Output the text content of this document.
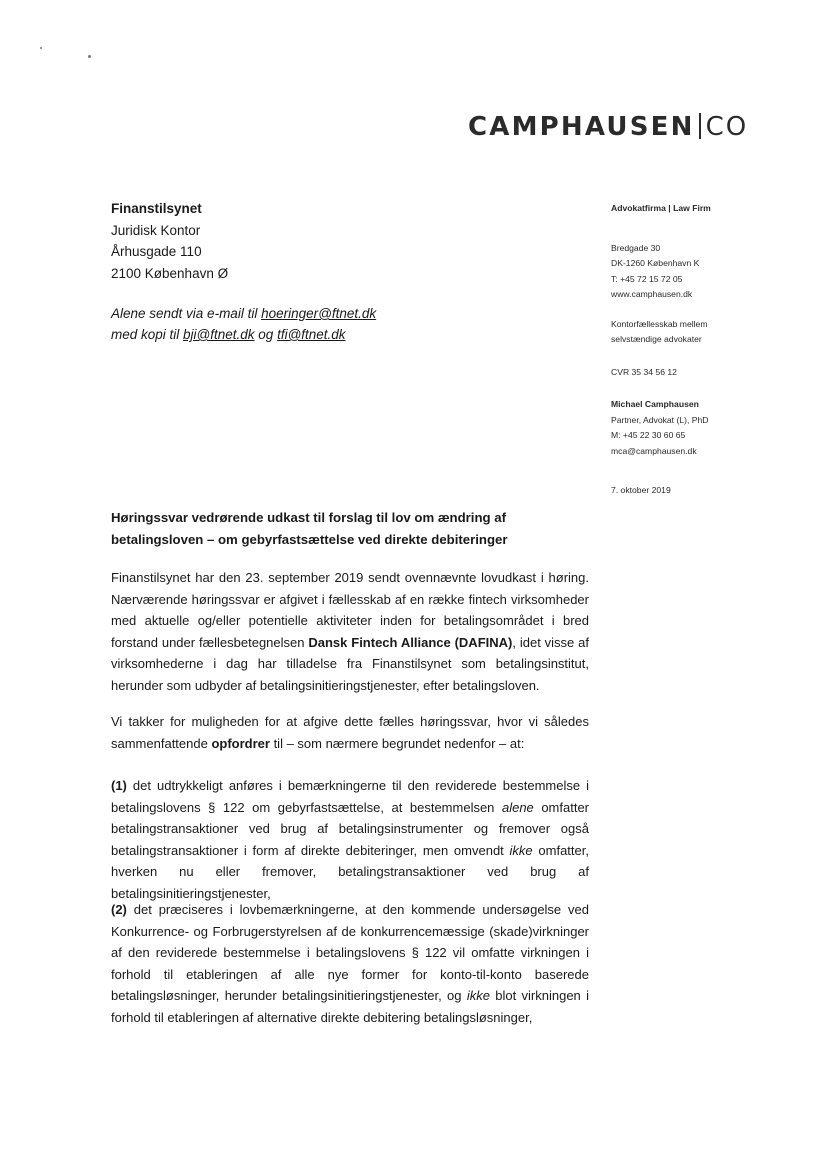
CAMPHAUSEN CO
Finanstilsynet
Juridisk Kontor
Århusgade 110
2100 København Ø
Alene sendt via e-mail til hoeringer@ftnet.dk
med kopi til bji@ftnet.dk og tfi@ftnet.dk
Advokatfirma | Law Firm
Bredgade 30
DK-1260 København K
T: +45 72 15 72 05
www.camphausen.dk
Kontorfællesskab mellem
selvstændige advokater
CVR 35 34 56 12
Michael Camphausen
Partner, Advokat (L), PhD
M: +45 22 30 60 65
mca@camphausen.dk
7. oktober 2019
Høringssvar vedrørende udkast til forslag til lov om ændring af betalingsloven – om gebyrfastsættelse ved direkte debiteringer
Finanstilsynet har den 23. september 2019 sendt ovennævnte lovudkast i høring. Nærværende høringssvar er afgivet i fællesskab af en række fintech virksomheder med aktuelle og/eller potentielle aktiviteter inden for betalingsområdet i bred forstand under fællesbetegnelsen Dansk Fintech Alliance (DAFINA), idet visse af virksomhederne i dag har tilladelse fra Finanstilsynet som betalingsinstitut, herunder som udbyder af betalingsinitieringstjenester, efter betalingsloven.
Vi takker for muligheden for at afgive dette fælles høringssvar, hvor vi således sammenfattende opfordrer til – som nærmere begrundet nedenfor – at:
(1) det udtrykkeligt anføres i bemærkningerne til den reviderede bestemmelse i betalingslovens § 122 om gebyrfastsættelse, at bestemmelsen alene omfatter betalingstransaktioner ved brug af betalingsinstrumenter og fremover også betalingstransaktioner i form af direkte debiteringer, men omvendt ikke omfatter, hverken nu eller fremover, betalingstransaktioner ved brug af betalingsinitieringstjenester,
(2) det præciseres i lovbemærkningerne, at den kommende undersøgelse ved Konkurrence- og Forbrugerstyrelsen af de konkurrencemæssige (skade)virkninger af den reviderede bestemmelse i betalingslovens § 122 vil omfatte virkningen i forhold til etableringen af alle nye former for konto-til-konto baserede betalingsløsninger, herunder betalingsinitieringstjenester, og ikke blot virkningen i forhold til etableringen af alternative direkte debitering betalingsløsninger,
